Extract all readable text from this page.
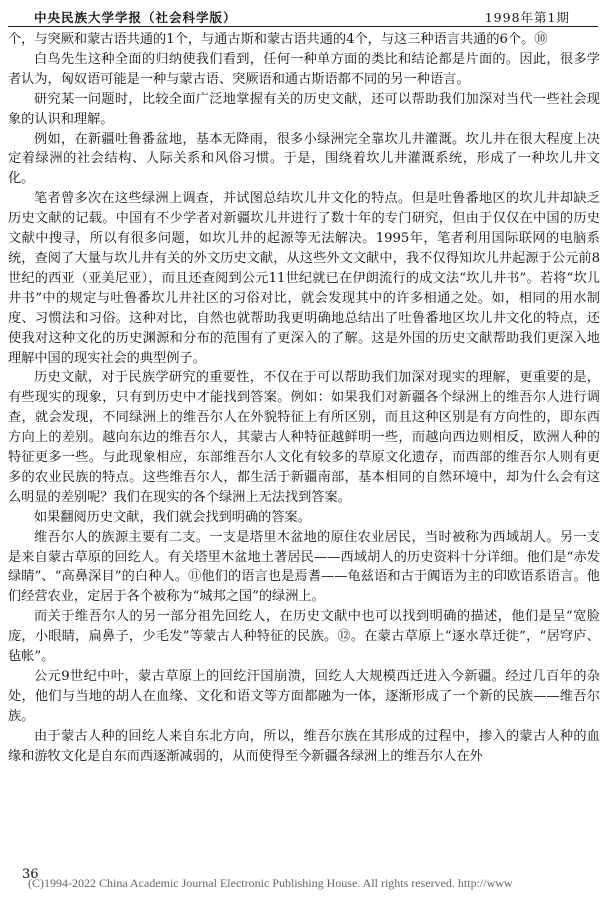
中央民族大学学报（社会科学版）	1998年第1期

个，与突厥和蒙古语共通的1个，与通古斯和蒙古语共通的4个，与这三种语言共通的6个。⑩

白鸟先生这种全面的归纳使我们看到，任何一种单方面的类比和结论都是片面的。因此，很多学者认为，匈奴语可能是一种与蒙古语、突厥语和通古斯语都不同的另一种语言。

研究某一问题时，比较全面广泛地掌握有关的历史文献，还可以帮助我们加深对当代一些社会现象的认识和理解。

例如，在新疆吐鲁番盆地，基本无降雨，很多小绿洲完全靠坎儿井灌溉。坎儿井在很大程度上决定着绿洲的社会结构、人际关系和风俗习惯。于是，围绕着坎儿井灌溉系统，形成了一种坎儿井文化。

笔者曾多次在这些绿洲上调查，并试图总结坎儿井文化的特点。但是吐鲁番地区的坎儿井却缺乏历史文献的记载。中国有不少学者对新疆坎儿井进行了数十年的专门研究，但由于仅仅在中国的历史文献中搜寻，所以有很多问题，如坎儿井的起源等无法解决。1995年，笔者利用国际联网的电脑系统，查阅了大量与坎儿井有关的外文历史文献，从这些外文文献中，我不仅得知坎儿井起源于公元前8世纪的西亚（亚美尼亚），而且还查阅到公元11世纪就已在伊朗流行的成文法“坎儿井书”。若将“坎儿井书”中的规定与吐鲁番坎儿井社区的习俗对比，就会发现其中的许多相通之处。如，相同的用水制度、习惯法和习俗。这种对比，自然也就帮助我更明确地总结出了吐鲁番地区坎儿井文化的特点，还使我对这种文化的历史渊源和分布的范围有了更深入的了解。这是外国的历史文献帮助我们更深入地理解中国的现实社会的典型例子。

历史文献，对于民族学研究的重要性，不仅在于可以帮助我们加深对现实的理解，更重要的是，有些现实的现象，只有到历史中才能找到答案。例如：如果我们对新疆各个绿洲上的维吾尔人进行调查，就会发现，不同绿洲上的维吾尔人在外貌特征上有所区别，而且这种区别是有方向性的，即东西方向上的差别。越向东边的维吾尔人，其蒙古人种特征越鲜明一些，而越向西边则相反，欧洲人种的特征更多一些。与此现象相应，东部维吾尔人文化有较多的草原文化遗存，而西部的维吾尔人则有更多的农业民族的特点。这些维吾尔人，都生活于新疆南部，基本相同的自然环境中，却为什么会有这么明显的差别呢？我们在现实的各个绿洲上无法找到答案。

如果翻阅历史文献，我们就会找到明确的答案。

维吾尔人的族源主要有二支。一支是塔里木盆地的原住农业居民，当时被称为西域胡人。另一支是来自蒙古草原的回纥人。有关塔里木盆地土著居民——西域胡人的历史资料十分详细。他们是“赤发绿睛”、“高鼻深目”的白种人。⑪他们的语言也是焉耆——龟兹语和古于阗语为主的印欧语系语言。他们经营农业，定居于各个被称为“城邦之国”的绿洲上。

而关于维吾尔人的另一部分祖先回纥人，在历史文献中也可以找到明确的描述，他们是呈“宽脸庞，小眼睛，扁鼻子，少毛发”等蒙古人种特征的民族。⑫。在蒙古草原上“逐水草迁徙”，“居穹庐、毡帐”。

公元9世纪中叶，蒙古草原上的回纥汗国崩溃，回纥人大规模西迁进入今新疆。经过几百年的杂处，他们与当地的胡人在血缘、文化和语文等方面都融为一体，逐渐形成了一个新的民族——维吾尔族。

由于蒙古人种的回纥人来自东北方向，所以，维吾尔族在其形成的过程中，掺入的蒙古人种的血缘和游牧文化是自东而西逐渐减弱的，从而使得至今新疆各绿洲上的维吾尔人在外

36
(C)1994-2022 China Academic Journal Electronic Publishing House. All rights reserved. http://www
